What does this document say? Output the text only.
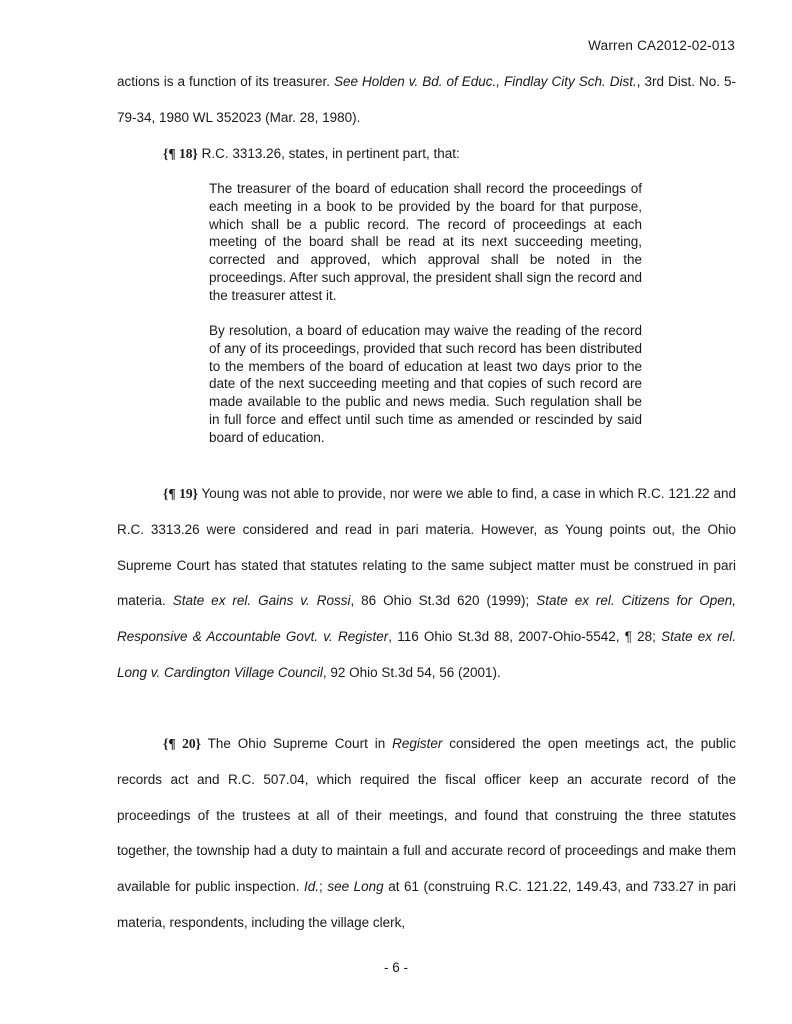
Warren CA2012-02-013
actions is a function of its treasurer. See Holden v. Bd. of Educ., Findlay City Sch. Dist., 3rd Dist. No. 5-79-34, 1980 WL 352023 (Mar. 28, 1980).
{¶ 18} R.C. 3313.26, states, in pertinent part, that:
The treasurer of the board of education shall record the proceedings of each meeting in a book to be provided by the board for that purpose, which shall be a public record. The record of proceedings at each meeting of the board shall be read at its next succeeding meeting, corrected and approved, which approval shall be noted in the proceedings. After such approval, the president shall sign the record and the treasurer attest it.
By resolution, a board of education may waive the reading of the record of any of its proceedings, provided that such record has been distributed to the members of the board of education at least two days prior to the date of the next succeeding meeting and that copies of such record are made available to the public and news media. Such regulation shall be in full force and effect until such time as amended or rescinded by said board of education.
{¶ 19} Young was not able to provide, nor were we able to find, a case in which R.C. 121.22 and R.C. 3313.26 were considered and read in pari materia. However, as Young points out, the Ohio Supreme Court has stated that statutes relating to the same subject matter must be construed in pari materia. State ex rel. Gains v. Rossi, 86 Ohio St.3d 620 (1999); State ex rel. Citizens for Open, Responsive & Accountable Govt. v. Register, 116 Ohio St.3d 88, 2007-Ohio-5542, ¶ 28; State ex rel. Long v. Cardington Village Council, 92 Ohio St.3d 54, 56 (2001).
{¶ 20} The Ohio Supreme Court in Register considered the open meetings act, the public records act and R.C. 507.04, which required the fiscal officer keep an accurate record of the proceedings of the trustees at all of their meetings, and found that construing the three statutes together, the township had a duty to maintain a full and accurate record of proceedings and make them available for public inspection. Id.; see Long at 61 (construing R.C. 121.22, 149.43, and 733.27 in pari materia, respondents, including the village clerk,
- 6 -
